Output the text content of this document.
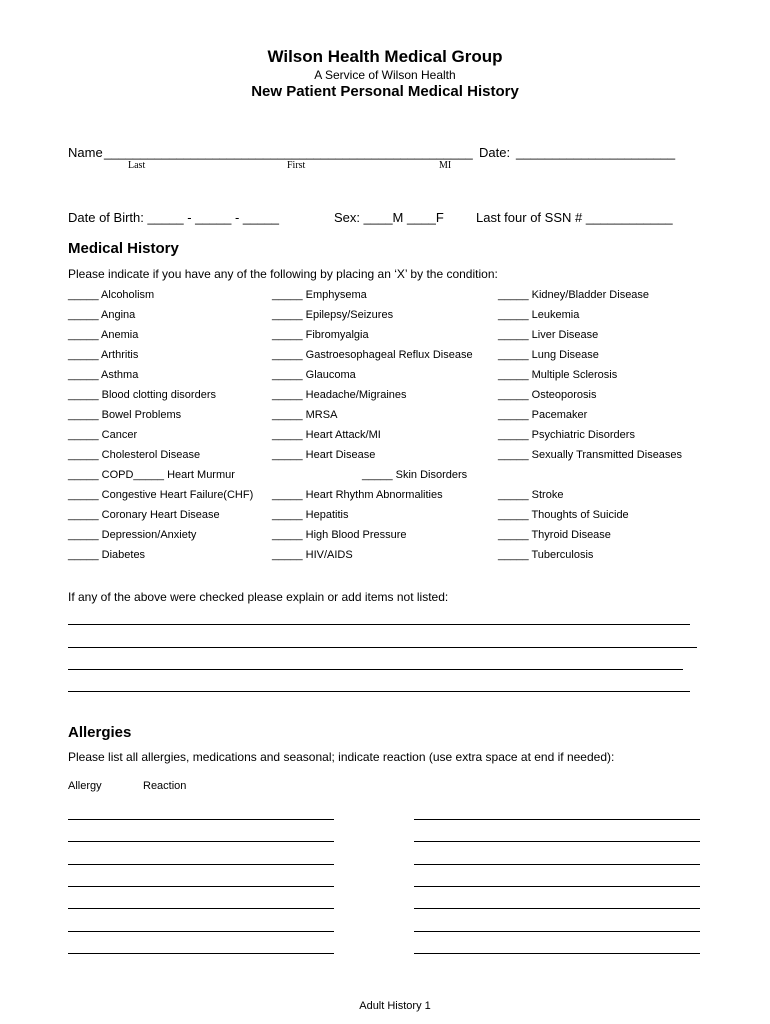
Wilson Health Medical Group
A Service of Wilson Health
New Patient Personal Medical History
Name ___________________________________________________ Date: ______________________
Last	First	MI
Date of Birth: _____ - _____ - _____	Sex: ____M ____F Last four of SSN # ____________
Medical History
Please indicate if you have any of the following by placing an ‘X’ by the condition:
_____ Alcoholism
_____ Angina
_____ Anemia
_____ Arthritis
_____ Asthma
_____ Blood clotting disorders
_____ Bowel Problems
_____ Cancer
_____ Cholesterol Disease
_____ COPD_____ Heart Murmur
_____ Congestive Heart Failure(CHF)
_____ Coronary Heart Disease
_____ Depression/Anxiety
_____ Diabetes
_____ Emphysema
_____ Epilepsy/Seizures
_____ Fibromyalgia
_____ Gastroesophageal Reflux Disease
_____ Glaucoma
_____ Headache/Migraines
_____ MRSA
_____ Heart Attack/MI
_____ Heart Disease
_____ Skin Disorders
_____ Heart Rhythm Abnormalities
_____ Hepatitis
_____ High Blood Pressure
_____ HIV/AIDS
_____ Kidney/Bladder Disease
_____ Leukemia
_____ Liver Disease
_____ Lung Disease
_____ Multiple Sclerosis
_____ Osteoporosis
_____ Pacemaker
_____ Psychiatric Disorders
_____ Sexually Transmitted Diseases
_____ Stroke
_____ Thoughts of Suicide
_____ Thyroid Disease
_____ Tuberculosis
If any of the above were checked please explain or add items not listed:
Allergies
Please list all allergies, medications and seasonal; indicate reaction (use extra space at end if needed):
Allergy	Reaction
Adult History 1
